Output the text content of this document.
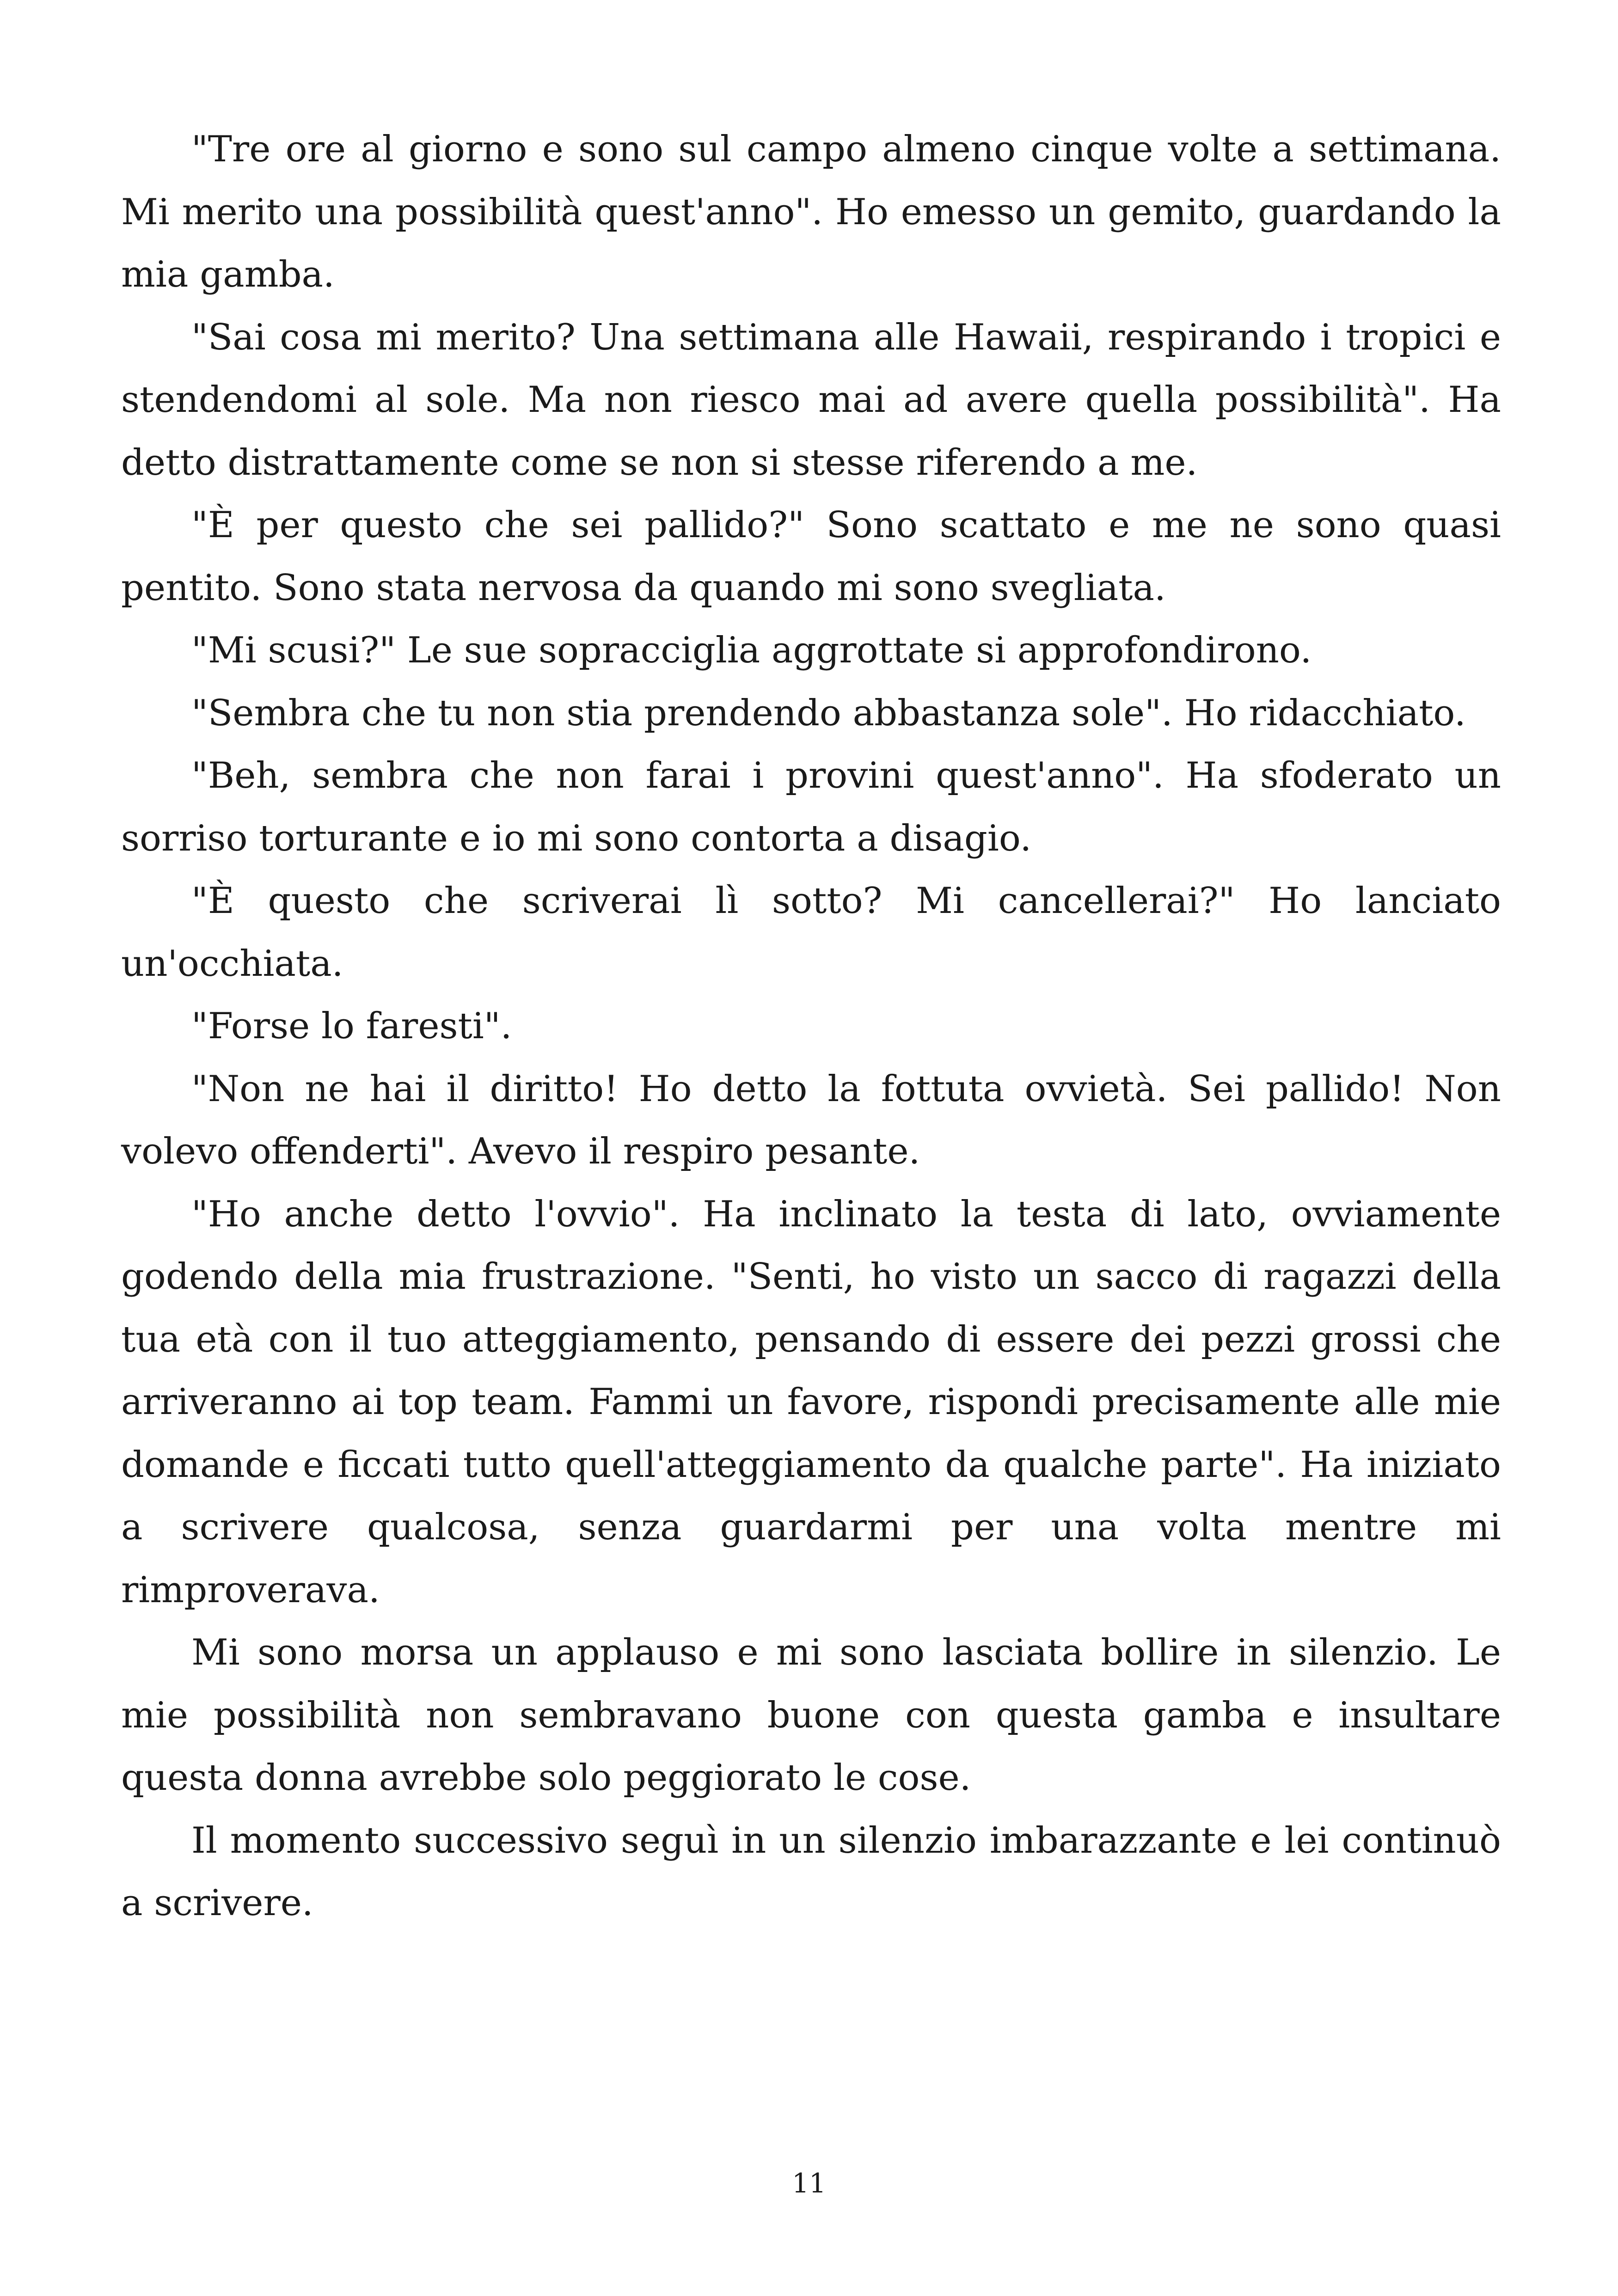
"Tre ore al giorno e sono sul campo almeno cinque volte a settimana. Mi merito una possibilità quest'anno". Ho emesso un gemito, guardando la mia gamba.

"Sai cosa mi merito? Una settimana alle Hawaii, respirando i tropici e stendendomi al sole. Ma non riesco mai ad avere quella possibilità". Ha detto distrattamente come se non si stesse riferendo a me.

"È per questo che sei pallido?" Sono scattato e me ne sono quasi pentito. Sono stata nervosa da quando mi sono svegliata.

"Mi scusi?" Le sue sopracciglia aggrottate si approfondirono.

"Sembra che tu non stia prendendo abbastanza sole". Ho ridacchiato.

"Beh, sembra che non farai i provini quest'anno". Ha sfoderato un sorriso torturante e io mi sono contorta a disagio.

"È questo che scriverai lì sotto? Mi cancellerai?" Ho lanciato un'occhiata.

"Forse lo faresti".

"Non ne hai il diritto! Ho detto la fottuta ovvietà. Sei pallido! Non volevo offenderti". Avevo il respiro pesante.

"Ho anche detto l'ovvio". Ha inclinato la testa di lato, ovviamente godendo della mia frustrazione. "Senti, ho visto un sacco di ragazzi della tua età con il tuo atteggiamento, pensando di essere dei pezzi grossi che arriveranno ai top team. Fammi un favore, rispondi precisamente alle mie domande e ficcati tutto quell'atteggiamento da qualche parte". Ha iniziato a scrivere qualcosa, senza guardarmi per una volta mentre mi rimproverava.

Mi sono morsa un applauso e mi sono lasciata bollire in silenzio. Le mie possibilità non sembravano buone con questa gamba e insultare questa donna avrebbe solo peggiorato le cose.

Il momento successivo seguì in un silenzio imbarazzante e lei continuò a scrivere.

11
